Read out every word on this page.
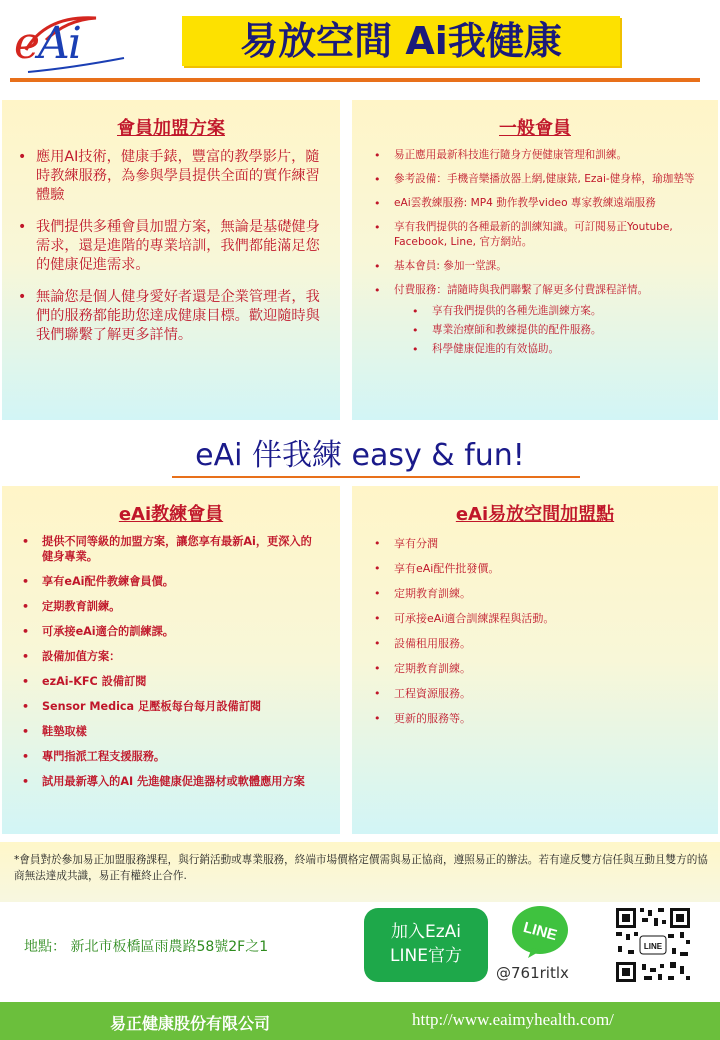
eAi	易放空間 Ai我健康
會員加盟方案
• 應用AI技術，健康手錶，豐富的教學影片，隨時教練服務，為參與學員提供全面的實作練習體驗
• 我們提供多種會員加盟方案，無論是基礎健身需求，還是進階的專業培訓，我們都能滿足您的健康促進需求。
• 無論您是個人健身愛好者還是企業管理者，我們的服務都能助您達成健康目標。歡迎隨時與我們聯繫了解更多詳情。
一般會員
• 易正應用最新科技進行隨身方便健康管理和訓練。
• 參考設備：手機音樂播放器上網,健康錶, Ezai-健身棒，瑜珈墊等
• eAi雲教練服務: MP4 動作教學video 專家教練遠端服務
• 享有我們提供的各種最新的訓練知識。可訂閱易正Youtube, Facebook, Line, 官方網站。
• 基本會員: 參加一堂課。
• 付費服務：請隨時與我們聯繫了解更多付費課程詳情。
• 享有我們提供的各種先進訓練方案。
• 專業治療師和教練提供的配件服務。
• 科學健康促進的有效協助。
eAi 伴我練 easy & fun!
eAi教練會員
• 提供不同等級的加盟方案，讓您享有最新Ai，更深入的健身專業。
• 享有eAi配件教練會員價。
• 定期教育訓練。
• 可承接eAi適合的訓練課。
• 設備加值方案：
• ezAi-KFC 設備訂閱
• Sensor Medica 足壓板每台每月設備訂閱
• 鞋墊取樣
• 專門指派工程支援服務。
• 試用最新導入的AI 先進健康促進器材或軟體應用方案
eAi易放空間加盟點
• 享有分潤
• 享有eAi配件批發價。
• 定期教育訓練。
• 可承接eAi適合訓練課程與活動。
• 設備租用服務。
• 定期教育訓練。
• 工程資源服務。
• 更新的服務等。
*會員對於參加易正加盟服務課程，與行銷活動或專業服務，終端市場價格定價需與易正協商，遵照易正的辦法。若有違反雙方信任與互動且雙方的協商無法達成共識，易正有權終止合作.
地點： 新北市板橋區雨農路58號2F之1
加入EzAi
LINE官方
LINE
@761ritlx
LINE
易正健康股份有限公司	http://www.eaimyhealth.com/
